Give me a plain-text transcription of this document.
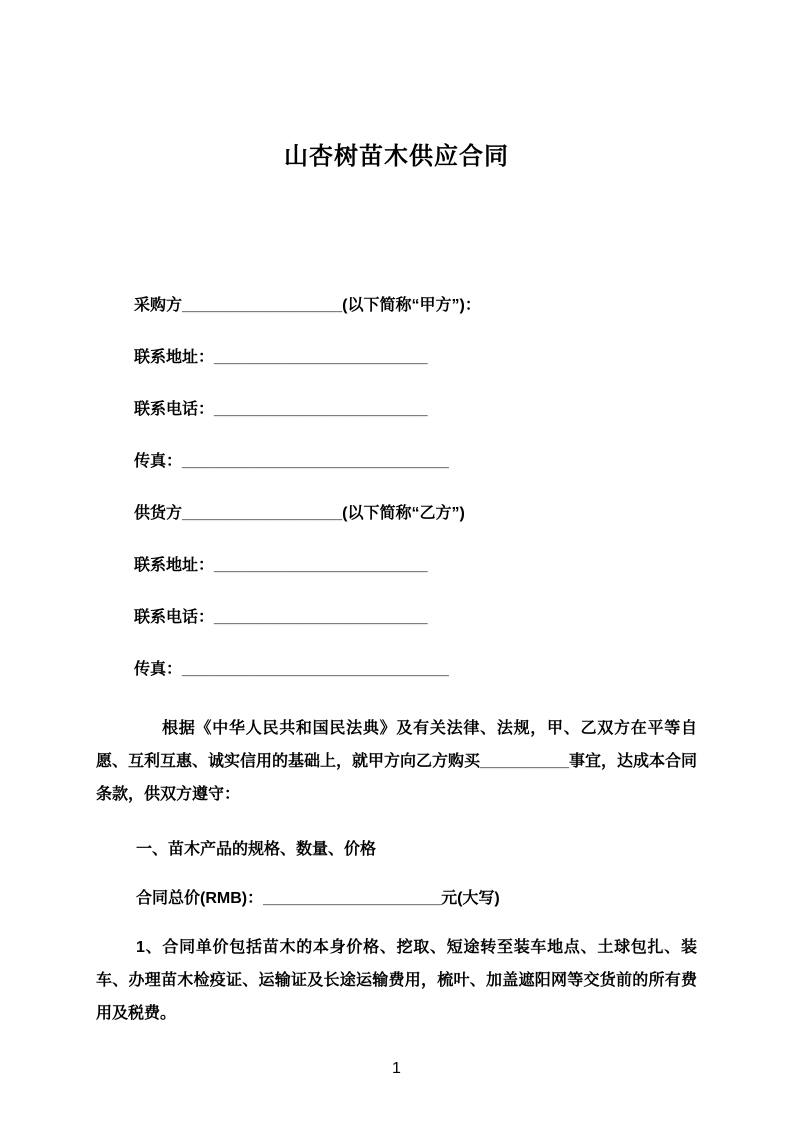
山杏树苗木供应合同

采购方__________________(以下简称“甲方”)：

联系地址：________________________

联系电话：________________________

传真：______________________________

供货方__________________(以下简称“乙方”)

联系地址：________________________

联系电话：________________________

传真：______________________________

根据《中华人民共和国民法典》及有关法律、法规，甲、乙双方在平等自愿、互利互惠、诚实信用的基础上，就甲方向乙方购买__________事宜，达成本合同条款，供双方遵守：

一、苗木产品的规格、数量、价格

合同总价(RMB)：____________________元(大写)

1、合同单价包括苗木的本身价格、挖取、短途转至装车地点、土球包扎、装车、办理苗木检疫证、运输证及长途运输费用，梳叶、加盖遮阳网等交货前的所有费用及税费。

1
